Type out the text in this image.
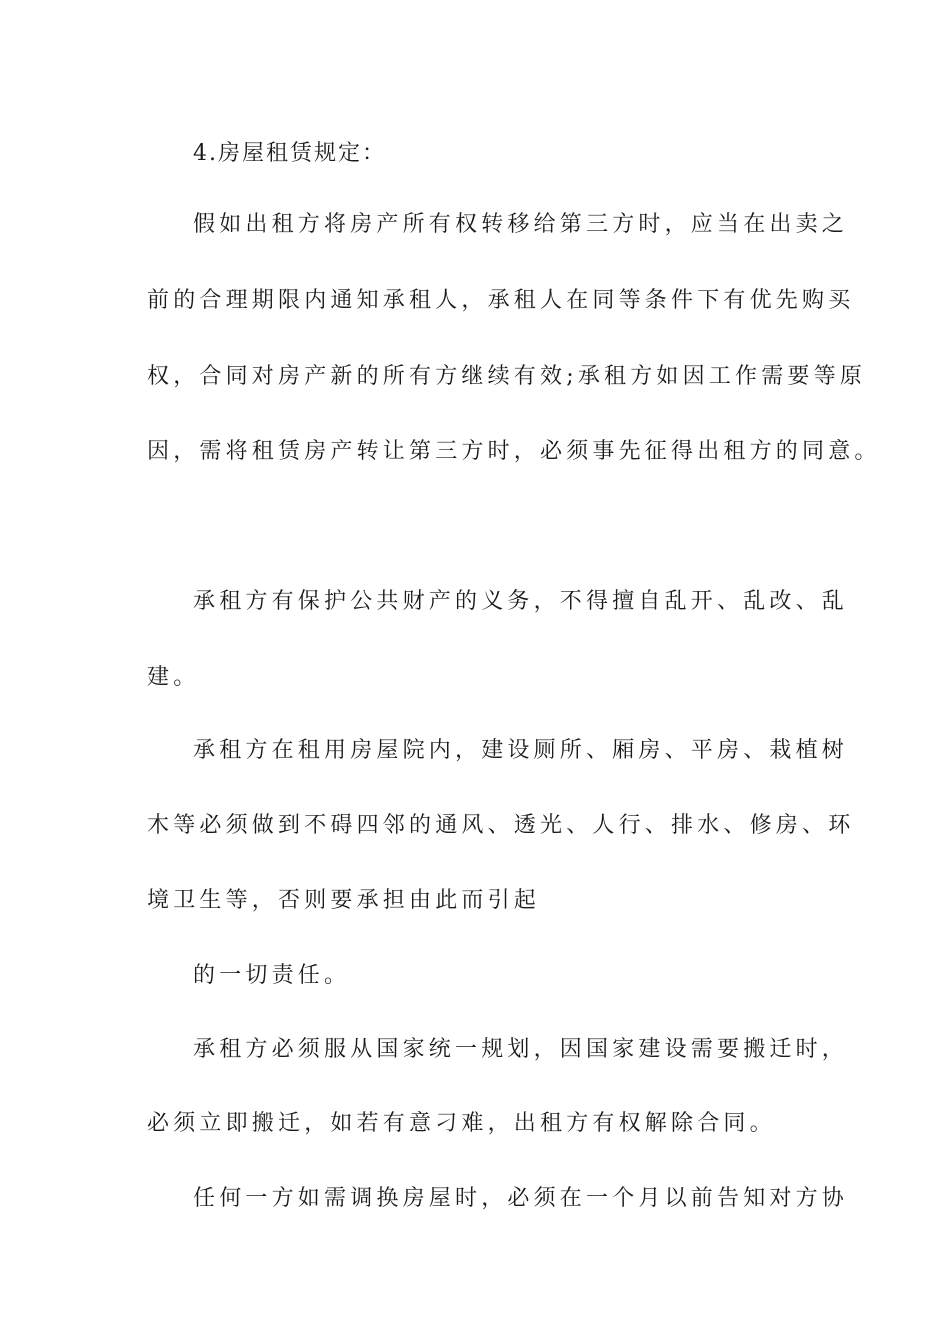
4.房屋租赁规定：
假如出租方将房产所有权转移给第三方时，应当在出卖之
前的合理期限内通知承租人，承租人在同等条件下有优先购买
权，合同对房产新的所有方继续有效;承租方如因工作需要等原
因，需将租赁房产转让第三方时，必须事先征得出租方的同意。
承租方有保护公共财产的义务，不得擅自乱开、乱改、乱
建。
承租方在租用房屋院内，建设厕所、厢房、平房、栽植树
木等必须做到不碍四邻的通风、透光、人行、排水、修房、环
境卫生等，否则要承担由此而引起
的一切责任。
承租方必须服从国家统一规划，因国家建设需要搬迁时，
必须立即搬迁，如若有意刁难，出租方有权解除合同。
任何一方如需调换房屋时，必须在一个月以前告知对方协
